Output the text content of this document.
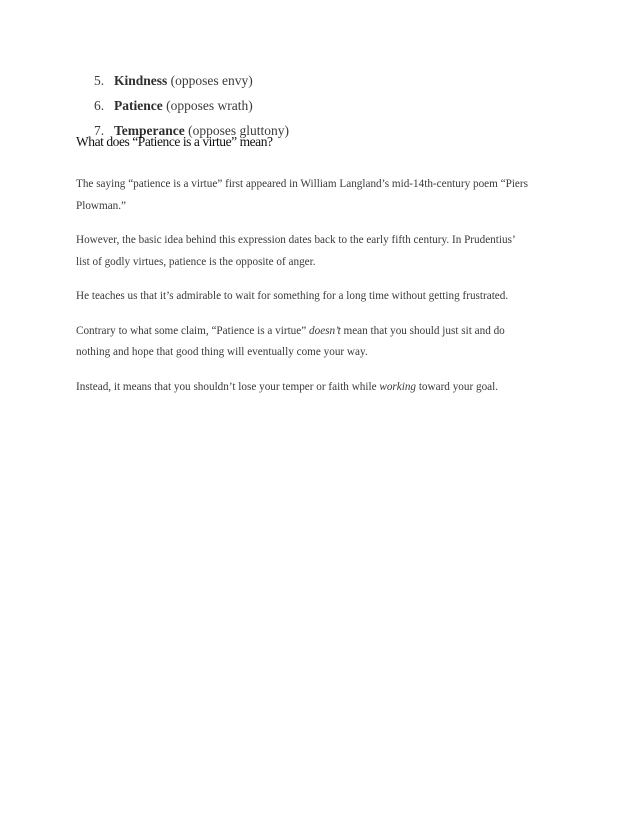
5. Kindness (opposes envy)
6. Patience (opposes wrath)
7. Temperance (opposes gluttony)
What does “Patience is a virtue” mean?

The saying “patience is a virtue” first appeared in William Langland’s mid-14th-century poem “Piers
Plowman.”

However, the basic idea behind this expression dates back to the early fifth century. In Prudentius’
list of godly virtues, patience is the opposite of anger.

He teaches us that it’s admirable to wait for something for a long time without getting frustrated.

Contrary to what some claim, “Patience is a virtue” doesn’t mean that you should just sit and do
nothing and hope that good thing will eventually come your way.

Instead, it means that you shouldn’t lose your temper or faith while working toward your goal.
